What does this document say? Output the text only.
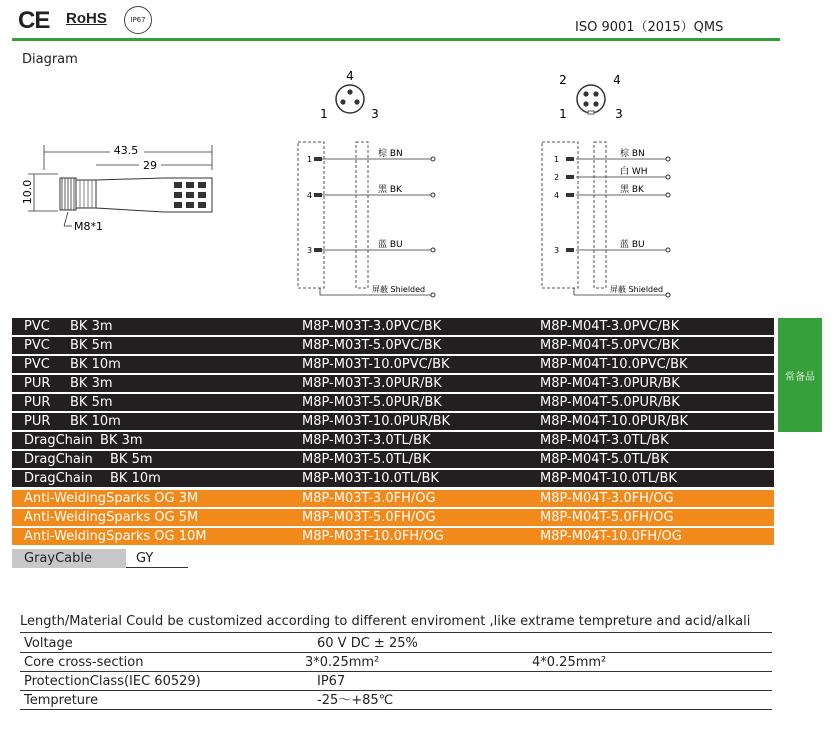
CE RoHS	IP67	ISO 9001（2015）QMS
Diagram
43.5
29
10.0
M8*1
4
1	3
2	4
1	3
1
棕 BN
4
黑 BK
3
蓝 BU
屏蔽 Shielded
1
棕 BN
2
白 WH
4
黑 BK
3
蓝 BU
屏蔽 Shielded
PVC BK 3m	M8P-M03T-3.0PVC/BK	M8P-M04T-3.0PVC/BK
PVC BK 5m	M8P-M03T-5.0PVC/BK	M8P-M04T-5.0PVC/BK
PVC BK 10m	M8P-M03T-10.0PVC/BK	M8P-M04T-10.0PVC/BK
PUR BK 3m	M8P-M03T-3.0PUR/BK	M8P-M04T-3.0PUR/BK
PUR BK 5m	M8P-M03T-5.0PUR/BK	M8P-M04T-5.0PUR/BK
PUR BK 10m	M8P-M03T-10.0PUR/BK	M8P-M04T-10.0PUR/BK
DragChain BK 3m	M8P-M03T-3.0TL/BK	M8P-M04T-3.0TL/BK
DragChain BK 5m	M8P-M03T-5.0TL/BK	M8P-M04T-5.0TL/BK
DragChain BK 10m	M8P-M03T-10.0TL/BK	M8P-M04T-10.0TL/BK
Anti-WeldingSparks OG 3M	M8P-M03T-3.0FH/OG	M8P-M04T-3.0FH/OG
Anti-WeldingSparks OG 5M	M8P-M03T-5.0FH/OG	M8P-M04T-5.0FH/OG
Anti-WeldingSparks OG 10M	M8P-M03T-10.0FH/OG	M8P-M04T-10.0FH/OG
常备品
GrayCable	GY
Length/Material Could be customized according to different enviroment ,like extrame tempreture and acid/alkali
Voltage	60 V DC ± 25%
Core cross-section	3*0.25mm²	4*0.25mm²
ProtectionClass(IEC 60529)	IP67
Tempreture	-25～+85℃
